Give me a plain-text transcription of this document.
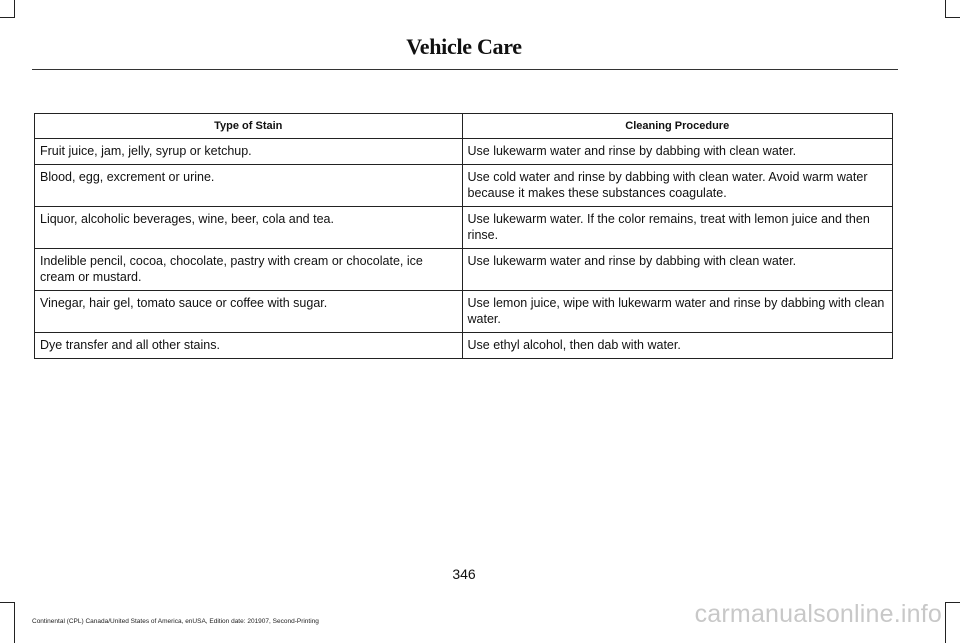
Vehicle Care
Type of Stain	Cleaning Procedure
Fruit juice, jam, jelly, syrup or ketchup.	Use lukewarm water and rinse by dabbing with clean water.
Blood, egg, excrement or urine.	Use cold water and rinse by dabbing with clean water. Avoid warm water because it makes these substances coagulate.
Liquor, alcoholic beverages, wine, beer, cola and tea.	Use lukewarm water. If the color remains, treat with lemon juice and then rinse.
Indelible pencil, cocoa, chocolate, pastry with cream or chocolate, ice cream or mustard.	Use lukewarm water and rinse by dabbing with clean water.
Vinegar, hair gel, tomato sauce or coffee with sugar.	Use lemon juice, wipe with lukewarm water and rinse by dabbing with clean water.
Dye transfer and all other stains.	Use ethyl alcohol, then dab with water.
346
Continental (CPL) Canada/United States of America, enUSA, Edition date: 201907, Second-Printing	carmanualsonline.info
